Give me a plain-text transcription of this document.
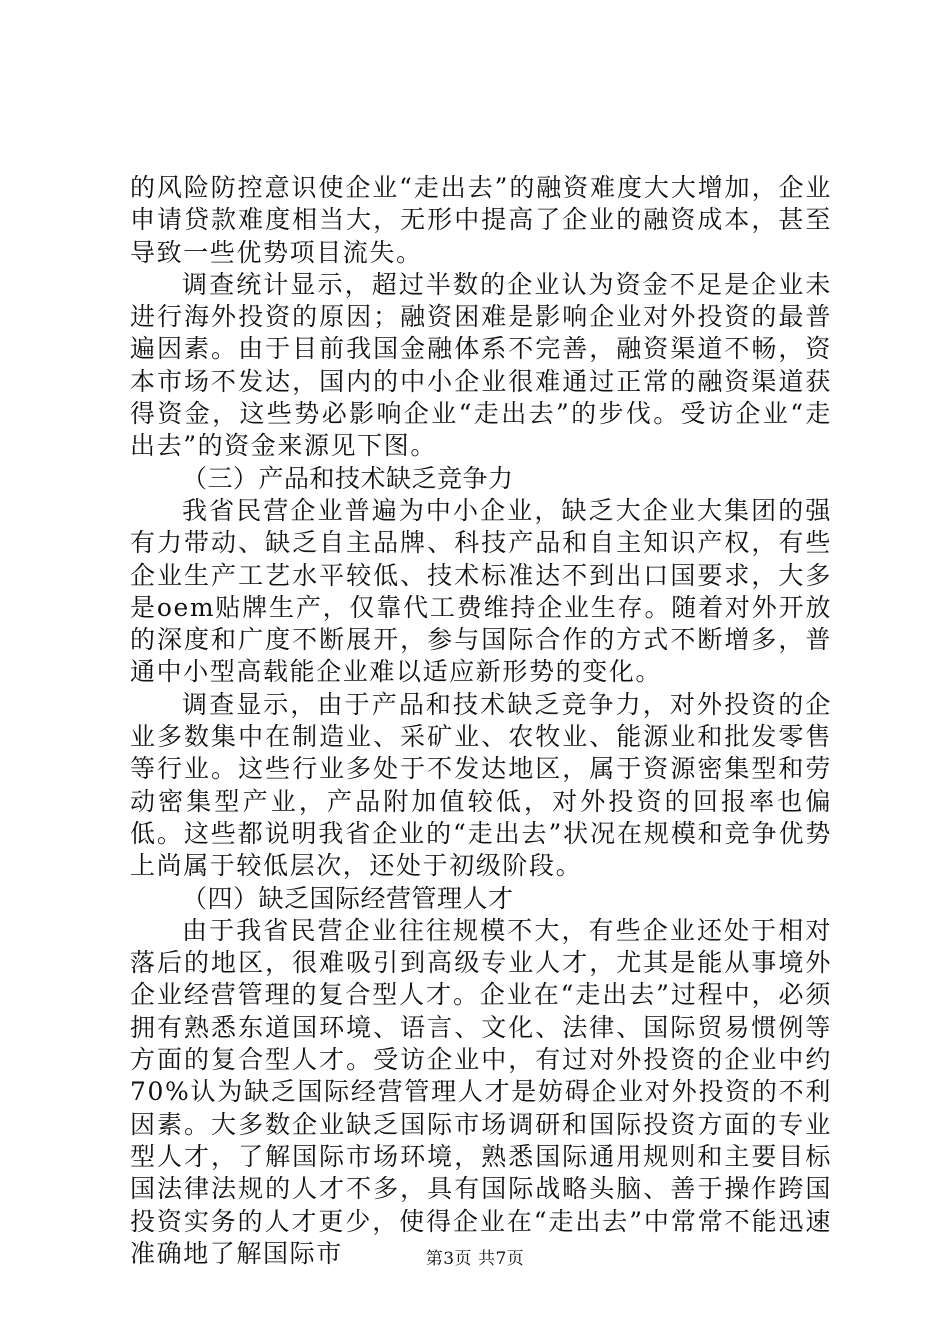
的风险防控意识使企业“走出去”的融资难度大大增加，企业申请贷款难度相当大，无形中提高了企业的融资成本，甚至导致一些优势项目流失。

调查统计显示，超过半数的企业认为资金不足是企业未进行海外投资的原因；融资困难是影响企业对外投资的最普遍因素。由于目前我国金融体系不完善，融资渠道不畅，资本市场不发达，国内的中小企业很难通过正常的融资渠道获得资金，这些势必影响企业“走出去”的步伐。受访企业“走出去”的资金来源见下图。

（三）产品和技术缺乏竞争力

我省民营企业普遍为中小企业，缺乏大企业大集团的强有力带动、缺乏自主品牌、科技产品和自主知识产权，有些企业生产工艺水平较低、技术标准达不到出口国要求，大多是oem贴牌生产，仅靠代工费维持企业生存。随着对外开放的深度和广度不断展开，参与国际合作的方式不断增多，普通中小型高载能企业难以适应新形势的变化。

调查显示，由于产品和技术缺乏竞争力，对外投资的企业多数集中在制造业、采矿业、农牧业、能源业和批发零售等行业。这些行业多处于不发达地区，属于资源密集型和劳动密集型产业，产品附加值较低，对外投资的回报率也偏低。这些都说明我省企业的“走出去”状况在规模和竞争优势上尚属于较低层次，还处于初级阶段。

（四）缺乏国际经营管理人才

由于我省民营企业往往规模不大，有些企业还处于相对落后的地区，很难吸引到高级专业人才，尤其是能从事境外企业经营管理的复合型人才。企业在“走出去”过程中，必须拥有熟悉东道国环境、语言、文化、法律、国际贸易惯例等方面的复合型人才。受访企业中，有过对外投资的企业中约70%认为缺乏国际经营管理人才是妨碍企业对外投资的不利因素。大多数企业缺乏国际市场调研和国际投资方面的专业型人才，了解国际市场环境，熟悉国际通用规则和主要目标国法律法规的人才不多，具有国际战略头脑、善于操作跨国投资实务的人才更少，使得企业在“走出去”中常常不能迅速准确地了解国际市	第3页 共7页
